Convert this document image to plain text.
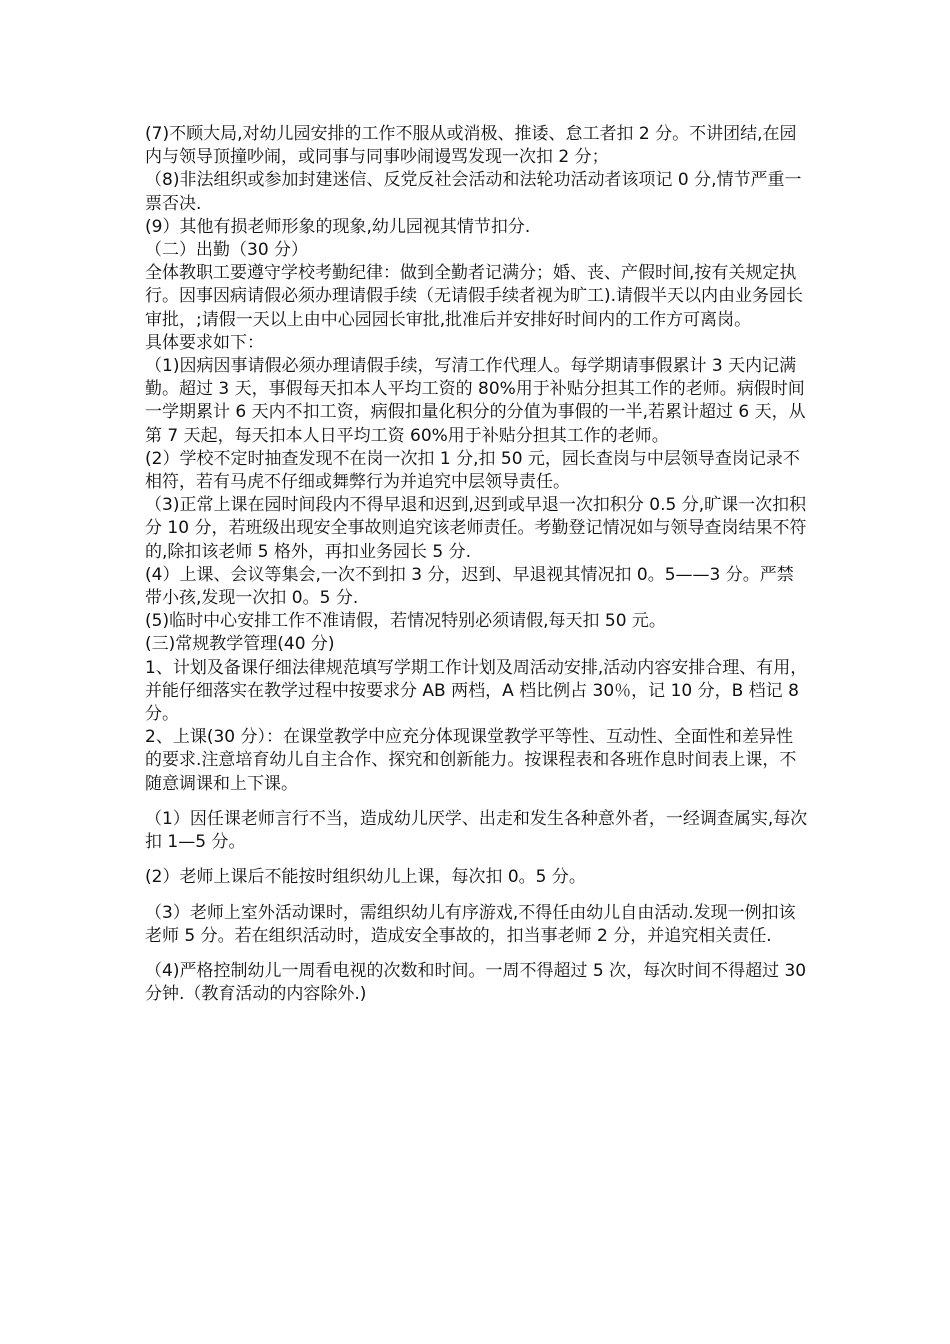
(7)不顾大局,对幼儿园安排的工作不服从或消极、推诿、怠工者扣 2 分。不讲团结,在园内与领导顶撞吵闹，或同事与同事吵闹谩骂发现一次扣 2 分；

（8)非法组织或参加封建迷信、反党反社会活动和法轮功活动者该项记 0 分,情节严重一票否决.

(9）其他有损老师形象的现象,幼儿园视其情节扣分.

（二）出勤（30 分）

全体教职工要遵守学校考勤纪律：做到全勤者记满分；婚、丧、产假时间,按有关规定执行。因事因病请假必须办理请假手续（无请假手续者视为旷工).请假半天以内由业务园长审批，;请假一天以上由中心园园长审批,批准后并安排好时间内的工作方可离岗。

具体要求如下：

（1)因病因事请假必须办理请假手续，写清工作代理人。每学期请事假累计 3 天内记满勤。超过 3 天，事假每天扣本人平均工资的 80%用于补贴分担其工作的老师。病假时间一学期累计 6 天内不扣工资，病假扣量化积分的分值为事假的一半,若累计超过 6 天，从第 7 天起，每天扣本人日平均工资 60%用于补贴分担其工作的老师。

(2）学校不定时抽查发现不在岗一次扣 1 分,扣 50 元，园长查岗与中层领导查岗记录不相符，若有马虎不仔细或舞弊行为并追究中层领导责任。

（3)正常上课在园时间段内不得早退和迟到,迟到或早退一次扣积分 0.5 分,旷课一次扣积分 10 分，若班级出现安全事故则追究该老师责任。考勤登记情况如与领导查岗结果不符的,除扣该老师 5 格外，再扣业务园长 5 分.

(4）上课、会议等集会,一次不到扣 3 分，迟到、早退视其情况扣 0。5——3 分。严禁带小孩,发现一次扣 0。5 分.

(5)临时中心安排工作不准请假，若情况特别必须请假,每天扣 50 元。

(三)常规教学管理(40 分)

1、计划及备课仔细法律规范填写学期工作计划及周活动安排,活动内容安排合理、有用，并能仔细落实在教学过程中按要求分 AB 两档，A 档比例占 30％，记 10 分，B 档记 8 分。

2、上课(30 分）：在课堂教学中应充分体现课堂教学平等性、互动性、全面性和差异性的要求.注意培育幼儿自主合作、探究和创新能力。按课程表和各班作息时间表上课，不随意调课和上下课。

（1）因任课老师言行不当，造成幼儿厌学、出走和发生各种意外者，一经调查属实,每次扣 1—5 分。

(2）老师上课后不能按时组织幼儿上课，每次扣 0。5 分。

（3）老师上室外活动课时，需组织幼儿有序游戏,不得任由幼儿自由活动.发现一例扣该老师 5 分。若在组织活动时，造成安全事故的，扣当事老师 2 分，并追究相关责任.

（4)严格控制幼儿一周看电视的次数和时间。一周不得超过 5 次，每次时间不得超过 30 分钟.（教育活动的内容除外.)
